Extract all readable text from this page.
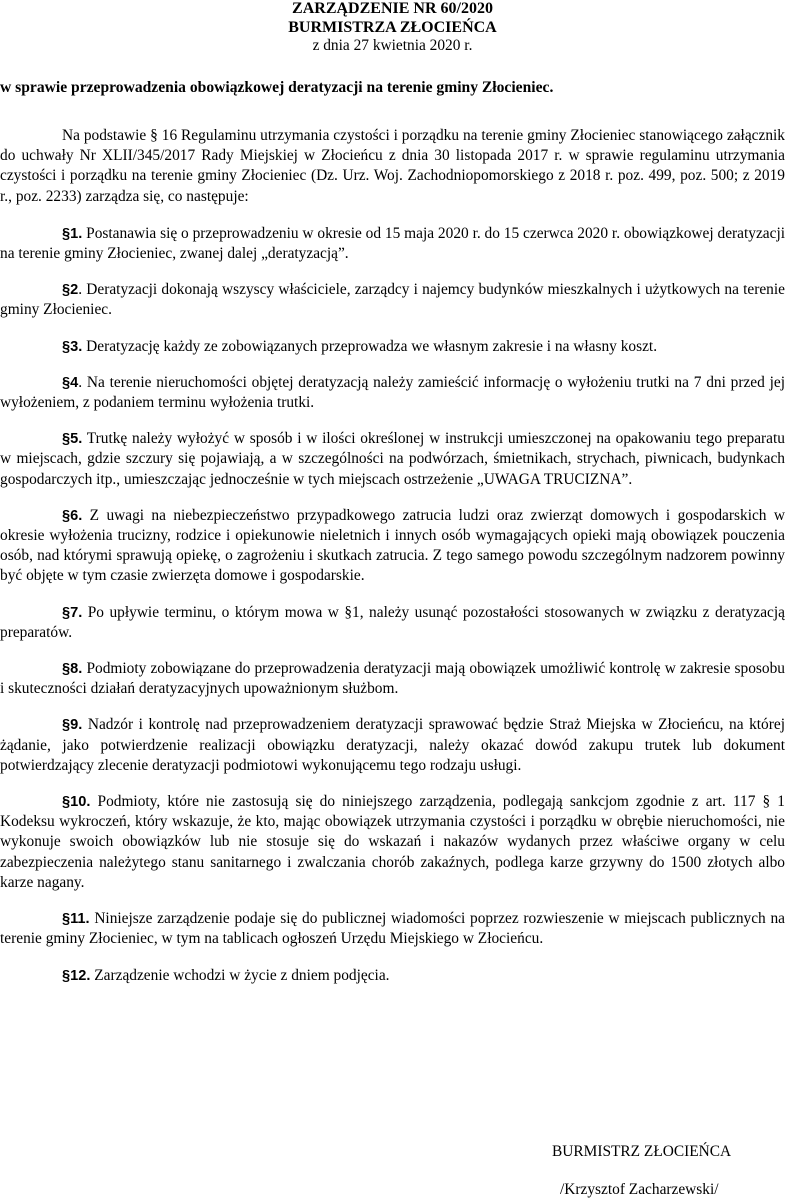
ZARZĄDZENIE NR 60/2020
BURMISTRZA ZŁOCIEŃCA
z dnia 27 kwietnia 2020 r.
w sprawie przeprowadzenia obowiązkowej deratyzacji na terenie gminy Złocieniec.

Na podstawie § 16 Regulaminu utrzymania czystości i porządku na terenie gminy Złocieniec stanowiącego załącznik do uchwały Nr XLII/345/2017 Rady Miejskiej w Złocieńcu z dnia 30 listopada 2017 r. w sprawie regulaminu utrzymania czystości i porządku na terenie gminy Złocieniec (Dz. Urz. Woj. Zachodniopomorskiego z 2018 r. poz. 499, poz. 500; z 2019 r., poz. 2233) zarządza się, co następuje:

§1. Postanawia się o przeprowadzeniu w okresie od 15 maja 2020 r. do 15 czerwca 2020 r. obowiązkowej deratyzacji na terenie gminy Złocieniec, zwanej dalej „deratyzacją”.

§2. Deratyzacji dokonają wszyscy właściciele, zarządcy i najemcy budynków mieszkalnych i użytkowych na terenie gminy Złocieniec.

§3. Deratyzację każdy ze zobowiązanych przeprowadza we własnym zakresie i na własny koszt.

§4. Na terenie nieruchomości objętej deratyzacją należy zamieścić informację o wyłożeniu trutki na 7 dni przed jej wyłożeniem, z podaniem terminu wyłożenia trutki.

§5. Trutkę należy wyłożyć w sposób i w ilości określonej w instrukcji umieszczonej na opakowaniu tego preparatu w miejscach, gdzie szczury się pojawiają, a w szczególności na podwórzach, śmietnikach, strychach, piwnicach, budynkach gospodarczych itp., umieszczając jednocześnie w tych miejscach ostrzeżenie „UWAGA TRUCIZNA”.

§6. Z uwagi na niebezpieczeństwo przypadkowego zatrucia ludzi oraz zwierząt domowych i gospodarskich w okresie wyłożenia trucizny, rodzice i opiekunowie nieletnich i innych osób wymagających opieki mają obowiązek pouczenia osób, nad którymi sprawują opiekę, o zagrożeniu i skutkach zatrucia. Z tego samego powodu szczególnym nadzorem powinny być objęte w tym czasie zwierzęta domowe i gospodarskie.

§7. Po upływie terminu, o którym mowa w §1, należy usunąć pozostałości stosowanych w związku z deratyzacją preparatów.

§8. Podmioty zobowiązane do przeprowadzenia deratyzacji mają obowiązek umożliwić kontrolę w zakresie sposobu i skuteczności działań deratyzacyjnych upoważnionym służbom.

§9. Nadzór i kontrolę nad przeprowadzeniem deratyzacji sprawować będzie Straż Miejska w Złocieńcu, na której żądanie, jako potwierdzenie realizacji obowiązku deratyzacji, należy okazać dowód zakupu trutek lub dokument potwierdzający zlecenie deratyzacji podmiotowi wykonującemu tego rodzaju usługi.

§10. Podmioty, które nie zastosują się do niniejszego zarządzenia, podlegają sankcjom zgodnie z art. 117 § 1 Kodeksu wykroczeń, który wskazuje, że kto, mając obowiązek utrzymania czystości i porządku w obrębie nieruchomości, nie wykonuje swoich obowiązków lub nie stosuje się do wskazań i nakazów wydanych przez właściwe organy w celu zabezpieczenia należytego stanu sanitarnego i zwalczania chorób zakaźnych, podlega karze grzywny do 1500 złotych albo karze nagany.

§11. Niniejsze zarządzenie podaje się do publicznej wiadomości poprzez rozwieszenie w miejscach publicznych na terenie gminy Złocieniec, w tym na tablicach ogłoszeń Urzędu Miejskiego w Złocieńcu.

§12. Zarządzenie wchodzi w życie z dniem podjęcia.

BURMISTRZ ZŁOCIEŃCA
/Krzysztof Zacharzewski/
